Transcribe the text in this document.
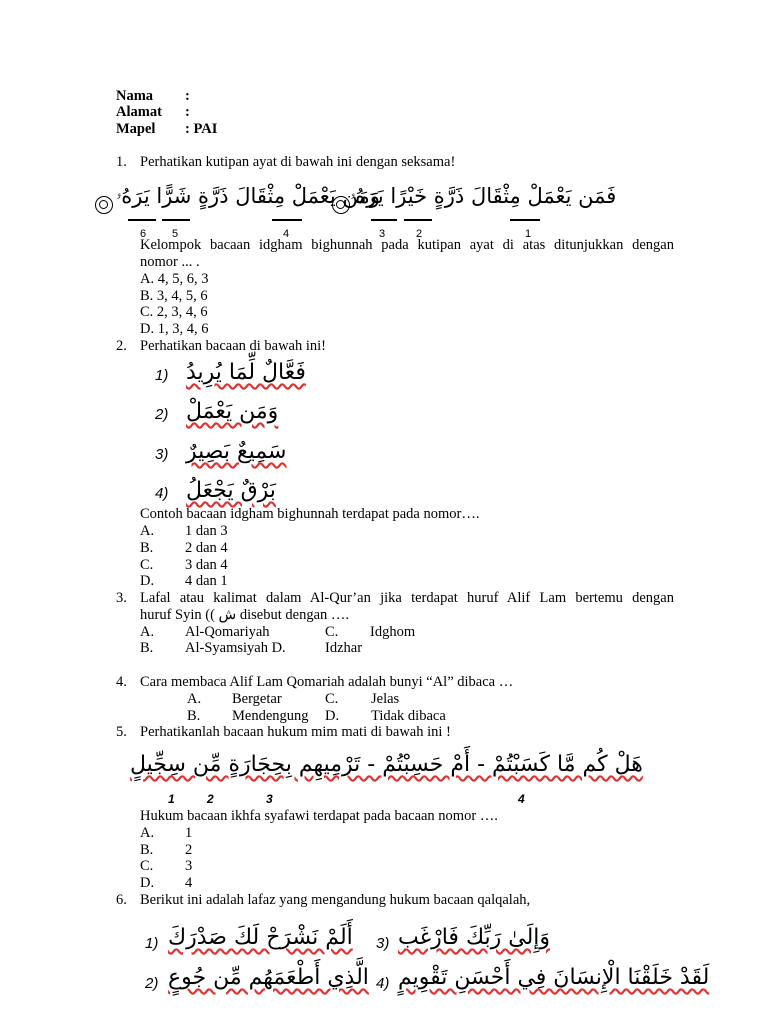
Nama :
Alamat :
Mapel : PAI
1. Perhatikan kutipan ayat di bawah ini dengan seksama!
فَمَن يَعْمَلْ مِثْقَالَ ذَرَّةٍ خَيْرًا يَرَهُۥ
وَمَن يَعْمَلْ مِثْقَالَ ذَرَّةٍ شَرًّا يَرَهُۥ
6 5	4	3	2	1
Kelompok bacaan idgham bighunnah pada kutipan ayat di atas ditunjukkan dengan
nomor ... .
A. 4, 5, 6, 3
B. 3, 4, 5, 6
C. 2, 3, 4, 6
D. 1, 3, 4, 6
2. Perhatikan bacaan di bawah ini!
1) فَعَّالٌ لِّمَا يُرِيدُ
2) وَمَن يَعْمَلْ
3) سَمِيعٌ بَصِيرٌ
4) بَرْقٌ يَجْعَلُ
Contoh bacaan idgham bighunnah terdapat pada nomor….
A. 1 dan 3
B. 2 dan 4
C. 3 dan 4
D. 4 dan 1
3. Lafal atau kalimat dalam Al-Qur’an jika terdapat huruf Alif Lam bertemu dengan
huruf Syin (( ش disebut dengan ….
A. Al-Qomariyah	C. Idghom
B. Al-Syamsiyah D.	Idzhar
4. Cara membaca Alif Lam Qomariah adalah bunyi “Al” dibaca …
A. Bergetar	C. Jelas
B. Mendengung D. Tidak dibaca
5. Perhatikanlah bacaan hukum mim mati di bawah ini !
هَلْ كُم مَّا كَسَبْتُمْ - أَمْ حَسِبْتُمْ - تَرْمِيهِم بِحِجَارَةٍ مِّن سِجِّيلٍ
1	2	3	4
Hukum bacaan ikhfa syafawi terdapat pada bacaan nomor ….
A. 1
B. 2
C. 3
D. 4
6. Berikut ini adalah lafaz yang mengandung hukum bacaan qalqalah,
1) أَلَمْ نَشْرَحْ لَكَ صَدْرَكَ 3) وَإِلَىٰ رَبِّكَ فَارْغَب
2) الَّذِي أَطْعَمَهُم مِّن جُوعٍ 4) لَقَدْ خَلَقْنَا الْإِنسَانَ فِي أَحْسَنِ تَقْوِيمٍ
